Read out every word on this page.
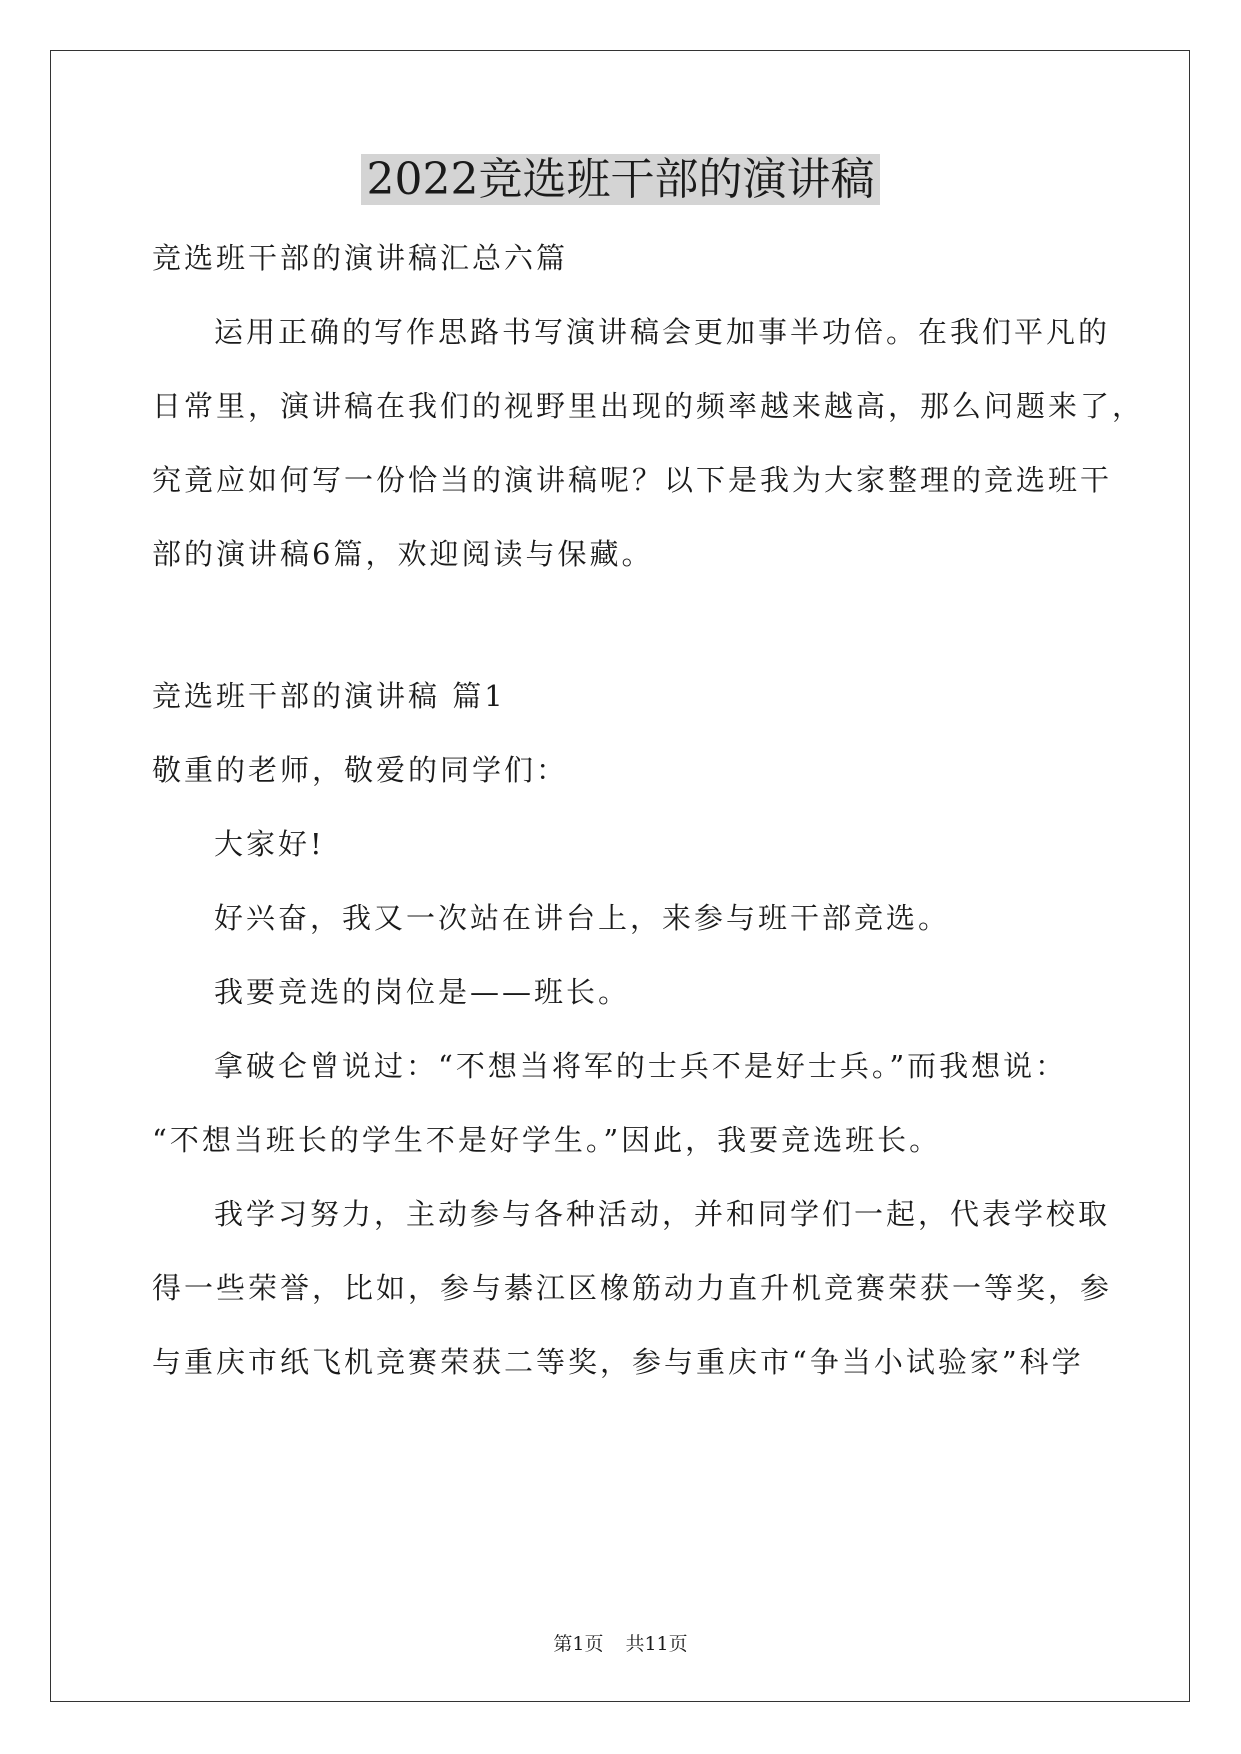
2022竞选班干部的演讲稿
竞选班干部的演讲稿汇总六篇
运用正确的写作思路书写演讲稿会更加事半功倍。在我们平凡的
日常里，演讲稿在我们的视野里出现的频率越来越高，那么问题来了，
究竟应如何写一份恰当的演讲稿呢？以下是我为大家整理的竞选班干
部的演讲稿6篇，欢迎阅读与保藏。
竞选班干部的演讲稿 篇1
敬重的老师，敬爱的同学们：
大家好!
好兴奋，我又一次站在讲台上，来参与班干部竞选。
我要竞选的岗位是——班长。
拿破仑曾说过：“不想当将军的士兵不是好士兵。”而我想说：
“不想当班长的学生不是好学生。”因此，我要竞选班长。
我学习努力，主动参与各种活动，并和同学们一起，代表学校取
得一些荣誉，比如，参与綦江区橡筋动力直升机竞赛荣获一等奖，参
与重庆市纸飞机竞赛荣获二等奖，参与重庆市“争当小试验家”科学
第1页 共11页
